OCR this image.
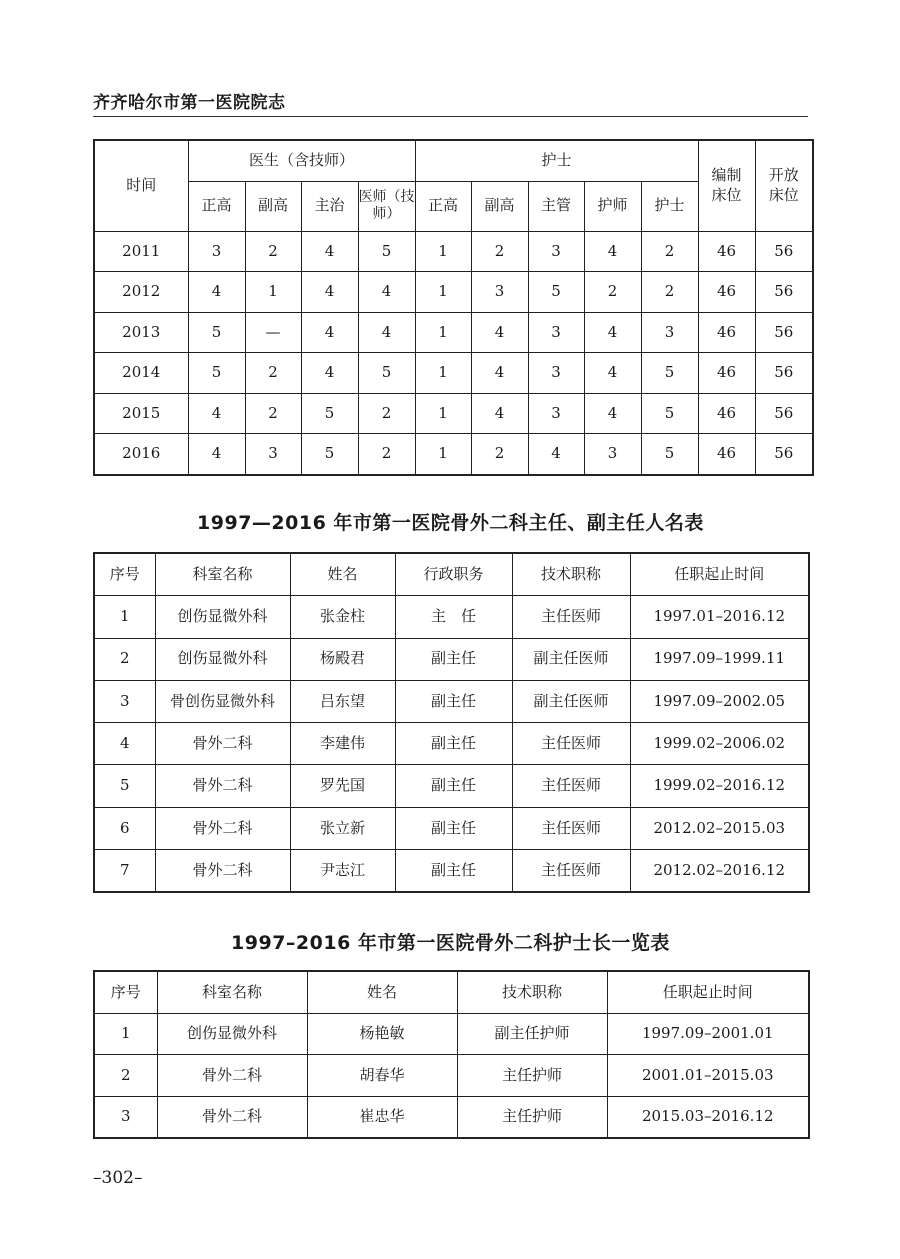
齐齐哈尔市第一医院院志
时间	医生（含技师）				护士					编制床位	开放床位
	正高	副高	主治	医师（技师）	正高	副高	主管	护师	护士		
2011	3	2	4	5	1	2	3	4	2	46	56
2012	4	1	4	4	1	3	5	2	2	46	56
2013	5	—	4	4	1	4	3	4	3	46	56
2014	5	2	4	5	1	4	3	4	5	46	56
2015	4	2	5	2	1	4	3	4	5	46	56
2016	4	3	5	2	1	2	4	3	5	46	56
1997—2016 年市第一医院骨外二科主任、副主任人名表
序号	科室名称	姓名	行政职务	技术职称	任职起止时间
1	创伤显微外科	张金柱	主　任	主任医师	1997.01–2016.12
2	创伤显微外科	杨殿君	副主任	副主任医师	1997.09–1999.11
3	骨创伤显微外科	吕东望	副主任	副主任医师	1997.09–2002.05
4	骨外二科	李建伟	副主任	主任医师	1999.02–2006.02
5	骨外二科	罗先国	副主任	主任医师	1999.02–2016.12
6	骨外二科	张立新	副主任	主任医师	2012.02–2015.03
7	骨外二科	尹志江	副主任	主任医师	2012.02–2016.12
1997–2016 年市第一医院骨外二科护士长一览表
序号	科室名称	姓名	技术职称	任职起止时间
1	创伤显微外科	杨艳敏	副主任护师	1997.09–2001.01
2	骨外二科	胡春华	主任护师	2001.01–2015.03
3	骨外二科	崔忠华	主任护师	2015.03–2016.12
–302–
